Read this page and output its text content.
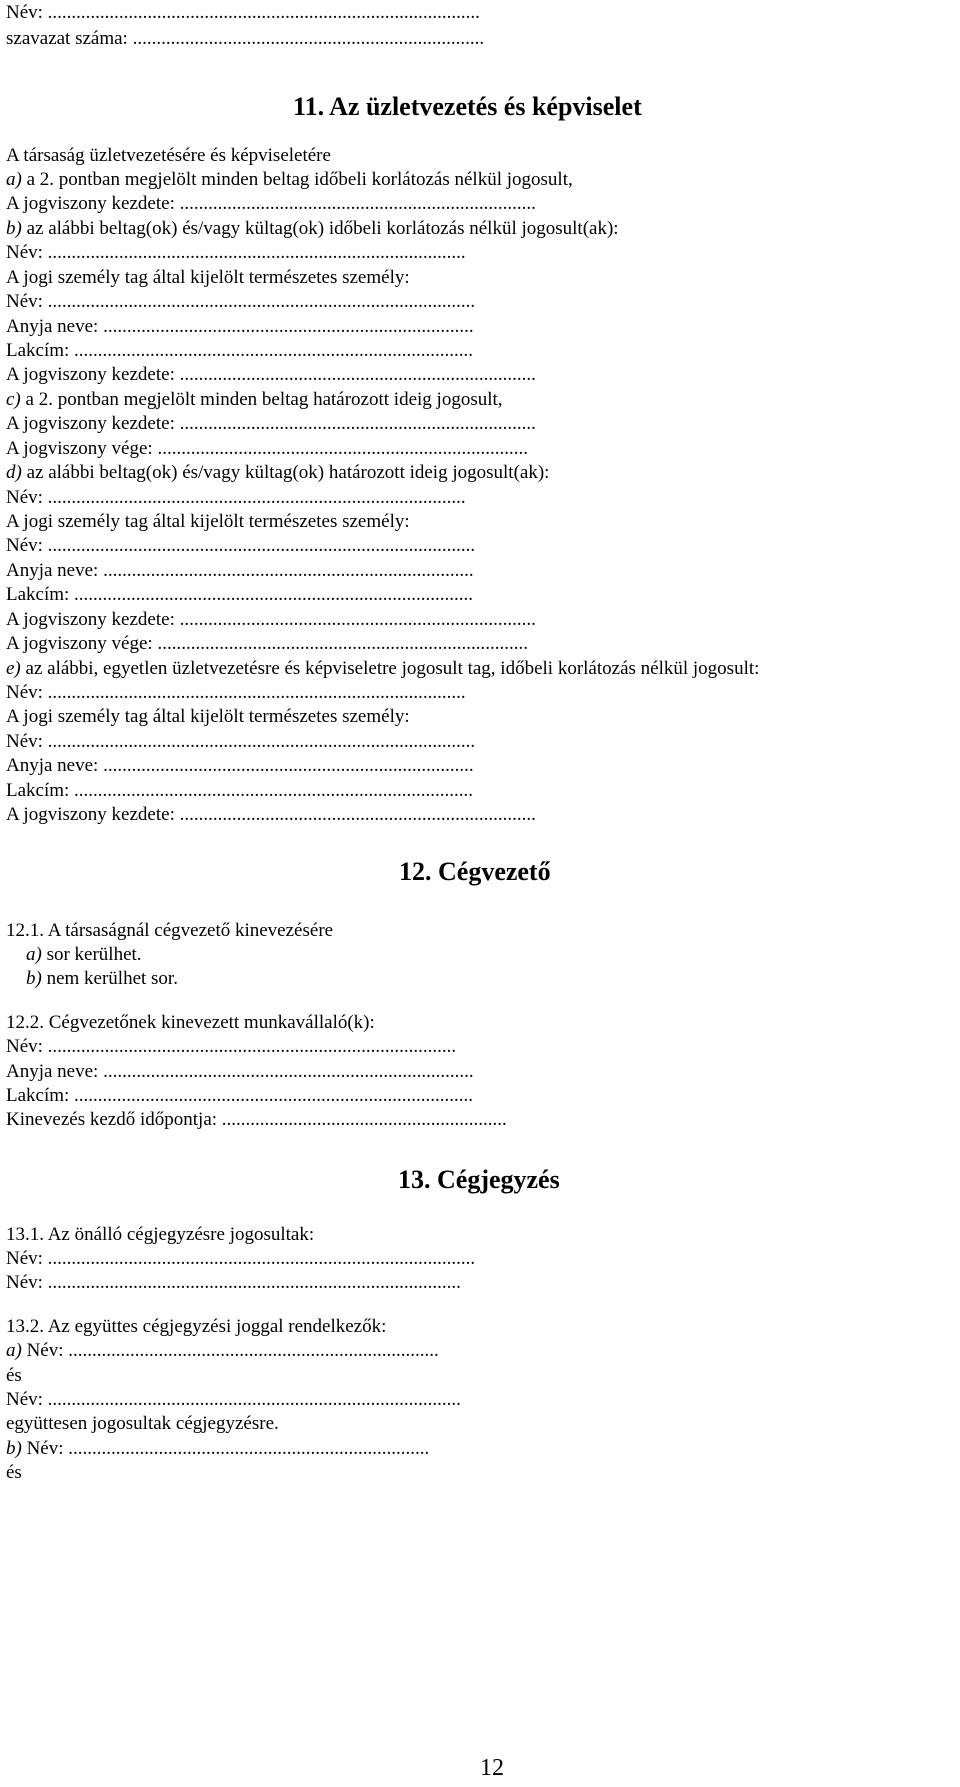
Név: ...........................................................................................
szavazat száma: ..........................................................................
11. Az üzletvezetés és képviselet
A társaság üzletvezetésére és képviseletére
a) a 2. pontban megjelölt minden beltag időbeli korlátozás nélkül jogosult,
A jogviszony kezdete: ...........................................................................
b) az alábbi beltag(ok) és/vagy kültag(ok) időbeli korlátozás nélkül jogosult(ak):
Név: ........................................................................................
A jogi személy tag által kijelölt természetes személy:
Név: ..........................................................................................
Anyja neve: ..............................................................................
Lakcím: ....................................................................................
A jogviszony kezdete: ...........................................................................
c) a 2. pontban megjelölt minden beltag határozott ideig jogosult,
A jogviszony kezdete: ...........................................................................
A jogviszony vége: ..............................................................................
d) az alábbi beltag(ok) és/vagy kültag(ok) határozott ideig jogosult(ak):
Név: ........................................................................................
A jogi személy tag által kijelölt természetes személy:
Név: ..........................................................................................
Anyja neve: ..............................................................................
Lakcím: ....................................................................................
A jogviszony kezdete: ...........................................................................
A jogviszony vége: ..............................................................................
e) az alábbi, egyetlen üzletvezetésre és képviseletre jogosult tag, időbeli korlátozás nélkül jogosult:
Név: ........................................................................................
A jogi személy tag által kijelölt természetes személy:
Név: ..........................................................................................
Anyja neve: ..............................................................................
Lakcím: ....................................................................................
A jogviszony kezdete: ...........................................................................
12. Cégvezető
12.1. A társaságnál cégvezető kinevezésére
a) sor kerülhet.
b) nem kerülhet sor.
12.2. Cégvezetőnek kinevezett munkavállaló(k):
Név: ......................................................................................
Anyja neve: ..............................................................................
Lakcím: ....................................................................................
Kinevezés kezdő időpontja: ............................................................
13. Cégjegyzés
13.1. Az önálló cégjegyzésre jogosultak:
Név: ..........................................................................................
Név: .......................................................................................
13.2. Az együttes cégjegyzési joggal rendelkezők:
a) Név: ..............................................................................
és
Név: .......................................................................................
együttesen jogosultak cégjegyzésre.
b) Név: ............................................................................
és
12
